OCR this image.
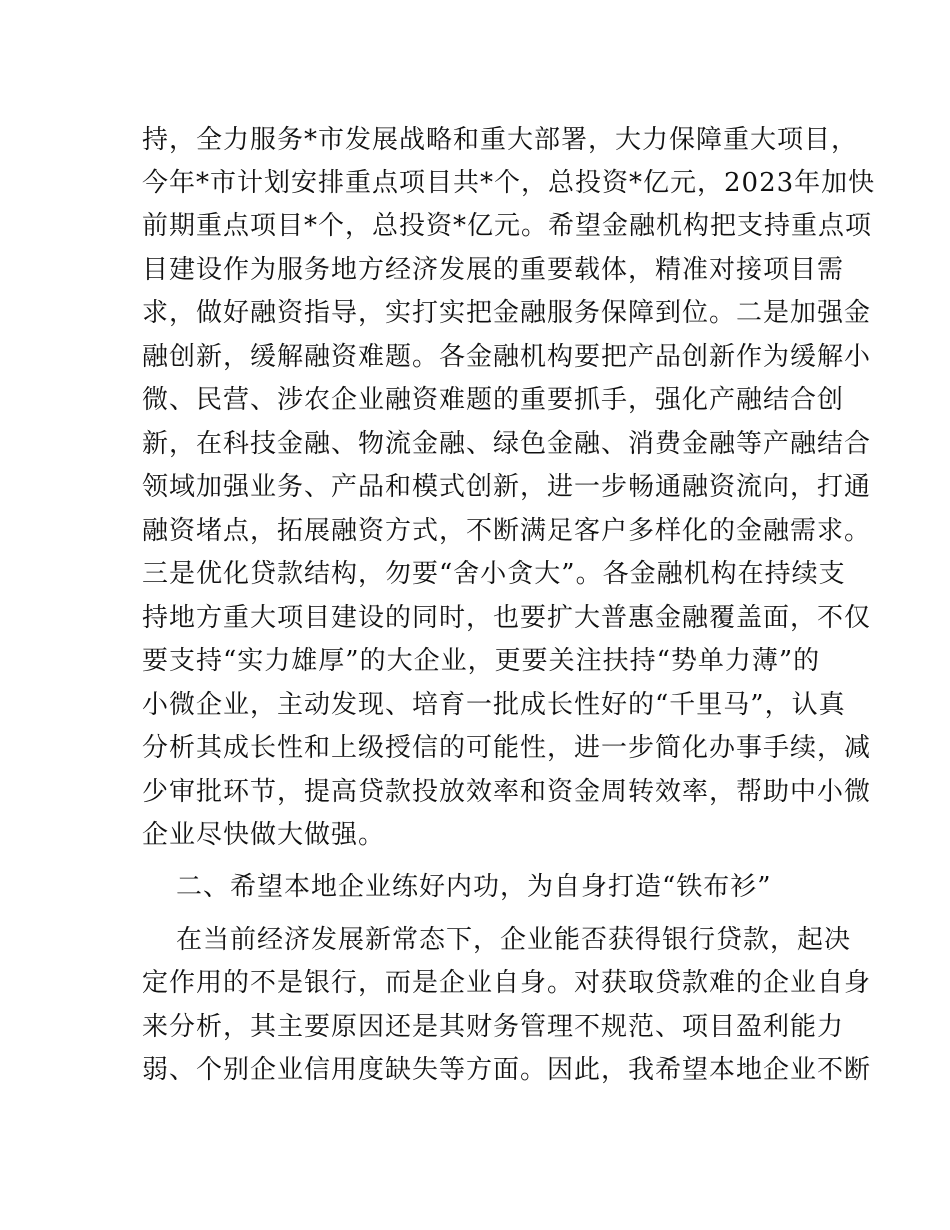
持，全力服务*市发展战略和重大部署，大力保障重大项目，
今年*市计划安排重点项目共*个，总投资*亿元，2023年加快
前期重点项目*个，总投资*亿元。希望金融机构把支持重点项
目建设作为服务地方经济发展的重要载体，精准对接项目需
求，做好融资指导，实打实把金融服务保障到位。二是加强金
融创新，缓解融资难题。各金融机构要把产品创新作为缓解小
微、民营、涉农企业融资难题的重要抓手，强化产融结合创
新，在科技金融、物流金融、绿色金融、消费金融等产融结合
领域加强业务、产品和模式创新，进一步畅通融资流向，打通
融资堵点，拓展融资方式，不断满足客户多样化的金融需求。
三是优化贷款结构，勿要“舍小贪大”。各金融机构在持续支
持地方重大项目建设的同时，也要扩大普惠金融覆盖面，不仅
要支持“实力雄厚”的大企业，更要关注扶持“势单力薄”的
小微企业，主动发现、培育一批成长性好的“千里马”，认真
分析其成长性和上级授信的可能性，进一步简化办事手续，减
少审批环节，提高贷款投放效率和资金周转效率，帮助中小微
企业尽快做大做强。
二、希望本地企业练好内功，为自身打造“铁布衫”
在当前经济发展新常态下，企业能否获得银行贷款，起决
定作用的不是银行，而是企业自身。对获取贷款难的企业自身
来分析，其主要原因还是其财务管理不规范、项目盈利能力
弱、个别企业信用度缺失等方面。因此，我希望本地企业不断
